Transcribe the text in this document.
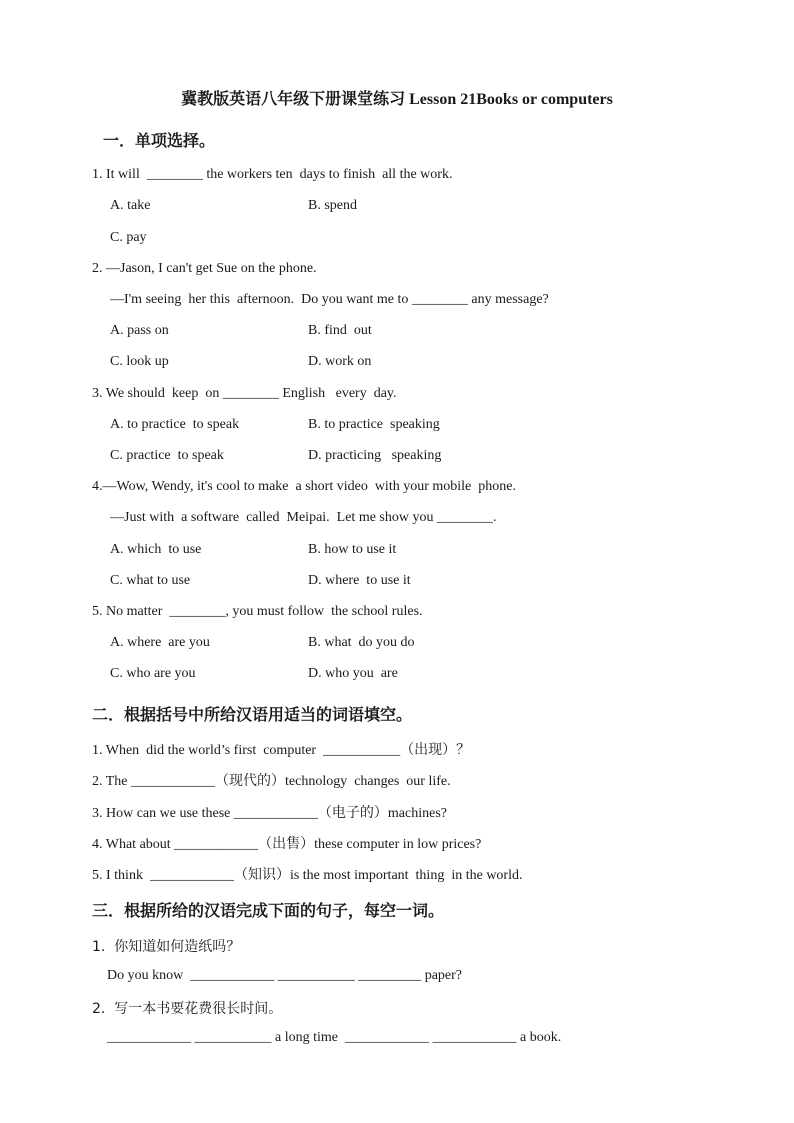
冀教版英语八年级下册课堂练习 Lesson 21Books or computers
一．单项选择。
1. It will  ________ the workers ten  days to finish  all the work.
A. take	B. spend
C. pay
2. —Jason, I can't get Sue on the phone.
—I'm seeing  her this  afternoon.  Do you want me to ________ any message?
A. pass on	B. find  out
C. look up	D. work on
3. We should  keep  on ________ English   every  day.
A. to practice  to speak	B. to practice  speaking
C. practice  to speak	D. practicing   speaking
4.—Wow, Wendy, it's cool to make  a short video  with your mobile  phone.
—Just with  a software  called  Meipai.  Let me show you ________.
A. which  to use	B. how to use it
C. what to use	D. where  to use it
5. No matter  ________, you must follow  the school rules.
A. where  are you	B. what  do you do
C. who are you	D. who you  are
二．根据括号中所给汉语用适当的词语填空。
1. When  did the world’s first  computer  ___________（出现）？
2. The ____________（现代的）technology  changes  our life.
3. How can we use these ____________（电子的）machines?
4. What about ____________（出售）these computer in low prices?
5. I think  ____________（知识）is the most important  thing  in the world.
三．根据所给的汉语完成下面的句子，每空一词。
1.  你知道如何造纸吗？
Do you know  ____________ ___________ _________ paper?
2.  写一本书要花费很长时间。
____________ ___________ a long time  ____________ ____________ a book.
